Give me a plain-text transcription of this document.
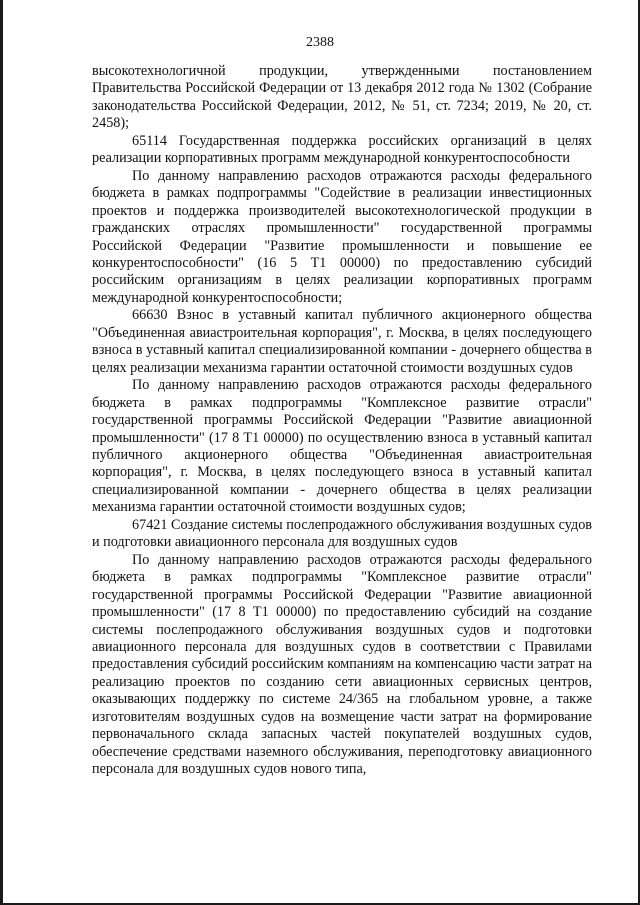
2388

высокотехнологичной продукции, утвержденными постановлением Правительства Российской Федерации от 13 декабря 2012 года № 1302 (Собрание законодательства Российской Федерации, 2012, № 51, ст. 7234; 2019, № 20, ст. 2458);

65114 Государственная поддержка российских организаций в целях реализации корпоративных программ международной конкурентоспособности

По данному направлению расходов отражаются расходы федерального бюджета в рамках подпрограммы "Содействие в реализации инвестиционных проектов и поддержка производителей высокотехнологической продукции в гражданских отраслях промышленности" государственной программы Российской Федерации "Развитие промышленности и повышение ее конкурентоспособности" (16 5 Т1 00000) по предоставлению субсидий российским организациям в целях реализации корпоративных программ международной конкурентоспособности;

66630 Взнос в уставный капитал публичного акционерного общества "Объединенная авиастроительная корпорация", г. Москва, в целях последующего взноса в уставный капитал специализированной компании - дочернего общества в целях реализации механизма гарантии остаточной стоимости воздушных судов

По данному направлению расходов отражаются расходы федерального бюджета в рамках подпрограммы "Комплексное развитие отрасли" государственной программы Российской Федерации "Развитие авиационной промышленности" (17 8 Т1 00000) по осуществлению взноса в уставный капитал публичного акционерного общества "Объединенная авиастроительная корпорация", г. Москва, в целях последующего взноса в уставный капитал специализированной компании - дочернего общества в целях реализации механизма гарантии остаточной стоимости воздушных судов;

67421 Создание системы послепродажного обслуживания воздушных судов и подготовки авиационного персонала для воздушных судов

По данному направлению расходов отражаются расходы федерального бюджета в рамках подпрограммы "Комплексное развитие отрасли" государственной программы Российской Федерации "Развитие авиационной промышленности" (17 8 Т1 00000) по предоставлению субсидий на создание системы послепродажного обслуживания воздушных судов и подготовки авиационного персонала для воздушных судов в соответствии с Правилами предоставления субсидий российским компаниям на компенсацию части затрат на реализацию проектов по созданию сети авиационных сервисных центров, оказывающих поддержку по системе 24/365 на глобальном уровне, а также изготовителям воздушных судов на возмещение части затрат на формирование первоначального склада запасных частей покупателей воздушных судов, обеспечение средствами наземного обслуживания, переподготовку авиационного персонала для воздушных судов нового типа,
